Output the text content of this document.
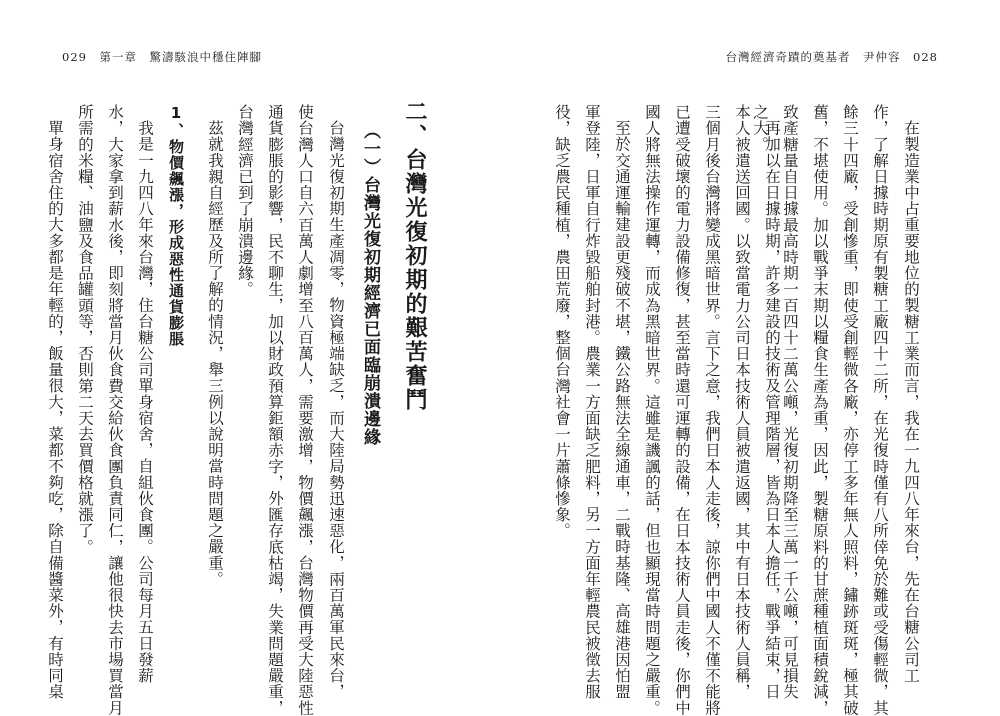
029　第一章　驚濤駭浪中穩住陣腳	台灣經濟奇蹟的奠基者　尹仲容　028
二、台灣光復初期的艱苦奮鬥
（一）台灣光復初期經濟已面臨崩潰邊緣
台灣光復初期生產凋零，物資極端缺乏，而大陸局勢迅速惡化，兩百萬軍民來台，
使台灣人口自六百萬人劇增至八百萬人，需要激增，物價飆漲，台灣物價再受大陸惡性
通貨膨脹的影響，民不聊生，加以財政預算鉅額赤字，外匯存底枯竭，失業問題嚴重，
台灣經濟已到了崩潰邊緣。
茲就我親自經歷及所了解的情況，舉三例以說明當時問題之嚴重。
1、物價飆漲，形成惡性通貨膨脹
我是一九四八年來台灣，住台糖公司單身宿舍，自組伙食團。公司每月五日發薪
水，大家拿到薪水後，即刻將當月伙食費交給伙食團負責同仁，讓他很快去市場買當月
所需的米糧、油鹽及食品罐頭等，否則第二天去買價格就漲了。
單身宿舍住的大多都是年輕的，飯量很大，菜都不夠吃，除自備醬菜外，有時同桌	在製造業中占重要地位的製糖工業而言，我在一九四八年來台，先在台糖公司工
作，了解日據時期原有製糖工廠四十二所，在光復時僅有八所倖免於難或受傷輕微，其
餘三十四廠，受創慘重，即使受創輕微各廠，亦停工多年無人照料，鏽跡斑斑，極其破
舊，不堪使用。加以戰爭末期以糧食生產為重，因此，製糖原料的甘蔗種植面積銳減，
致產糖量自日據最高時期一百四十二萬公噸，光復初期降至三萬一千公噸，可見損失
之大。
再加以在日據時期，許多建設的技術及管理階層，皆為日本人擔任，戰爭結束，日
本人被遣送回國。以致當電力公司日本技術人員被遣返國，其中有日本技術人員稱，
三個月後台灣將變成黑暗世界。言下之意，我們日本人走後，諒你們中國人不僅不能將
已遭受破壞的電力設備修復，甚至當時還可運轉的設備，在日本技術人員走後，你們中
國人將無法操作運轉，而成為黑暗世界。這雖是譏諷的話，但也顯現當時問題之嚴重。
至於交通運輸建設更殘破不堪，鐵公路無法全線通車，二戰時基隆、高雄港因怕盟
軍登陸，日軍自行炸毀船舶封港。農業一方面缺乏肥料，另一方面年輕農民被徵去服
役，缺乏農民種植，農田荒廢，整個台灣社會一片蕭條慘象。
